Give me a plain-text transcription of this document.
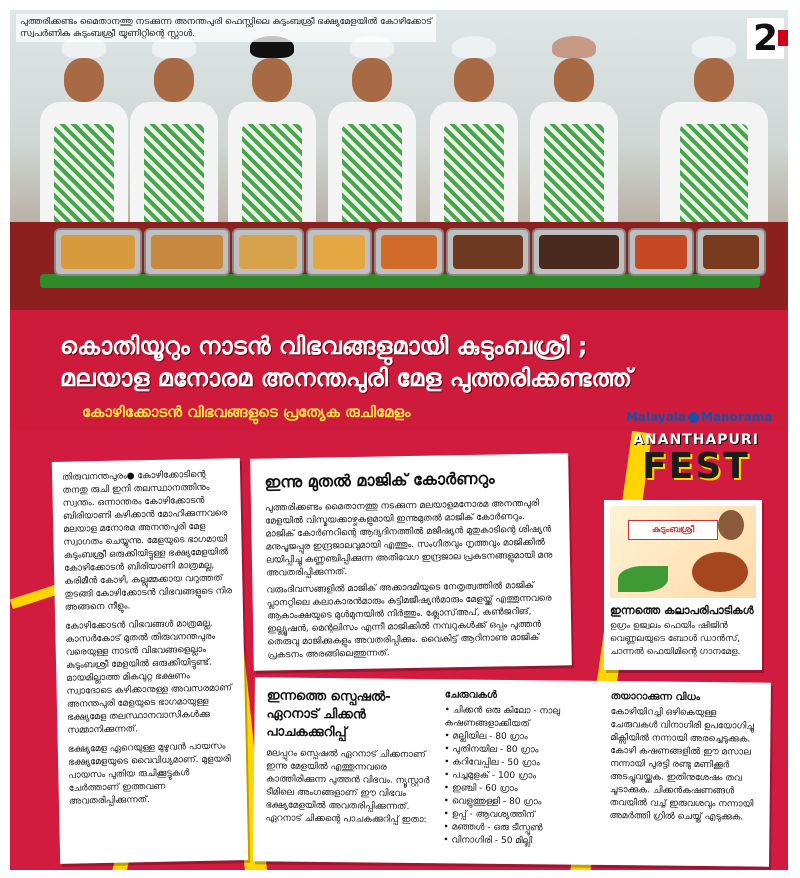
പുത്തരിക്കണ്ടം മൈതാനത്തു നടക്കുന്ന അനന്തപുരി ഫെസ്റ്റിലെ കുടുംബശ്രീ ഭക്ഷ്യമേളയിൽ കോഴിക്കോട് സ്വപർണിക കുടുംബശ്രീ യൂണിറ്റിന്റെ സ്റ്റാൾ.	2
കൊതിയൂറും നാടൻ വിഭവങ്ങളുമായി കുടുംബശ്രീ ;
മലയാള മനോരമ അനന്തപുരി മേള പുത്തരിക്കണ്ടത്ത്
കോഴിക്കോടൻ വിഭവങ്ങളുടെ പ്രത്യേക രുചിമേളം	Malayala Manorama
ANANTHAPURI
FEST

തിരുവനന്തപുരം● കോഴിക്കോടിന്റെ തനതു രുചി ഇനി തലസ്ഥാനത്തിനും സ്വന്തം. ഒന്നാന്തരം കോഴിക്കോടൻ ബിരിയാണി കഴിക്കാൻ മോഹിക്കുന്നവരെ മലയാള മനോരമ അനന്തപുരി മേള സ്വാഗതം ചെയ്യുന്നു. മേളയുടെ ഭാഗമായി കുടുംബശ്രീ ഒരുക്കിയിട്ടുള്ള ഭക്ഷ്യമേളയിൽ കോഴിക്കോടൻ ബിരിയാണി മാത്രമല്ല, കരിമീൻ കോഴി, കല്ലുമ്മക്കായ വറുത്തത് തുടങ്ങി കോഴിക്കോടൻ വിഭവങ്ങളുടെ നിര അങ്ങനെ നീളും.

കോഴിക്കോടൻ വിഭവങ്ങൾ മാത്രമല്ല, കാസർകോട് മുതൽ തിരുവനന്തപുരം വരെയുള്ള നാടൻ വിഭവങ്ങളെല്ലാം കുടുംബശ്രീ മേളയിൽ ഒരുക്കിയിട്ടുണ്ട്. മായമില്ലാത്ത മികവുറ്റ ഭക്ഷണം സ്വാദോടെ കഴിക്കാനുള്ള അവസരമാണ് അനന്തപുരി മേളയുടെ ഭാഗമായുള്ള ഭക്ഷ്യമേള തലസ്ഥാനവാസികൾക്കു സമ്മാനിക്കുന്നത്.

ഭക്ഷ്യമേള ഏറെയുള്ള മുഴുവൻ പായസം ഭക്ഷ്യമേളയുടെ വൈവിധ്യമാണ്. മുളയരി പായസം പുതിയ രുചിക്കൂട്ടുകൾ ചേർത്താണ് ഇത്തവണ അവതരിപ്പിക്കുന്നത്.

ഇന്നു മുതൽ മാജിക് കോർണറും

പുത്തരിക്കണ്ടം മൈതാനത്തു നടക്കുന്ന മലയാളമനോരമ അനന്തപുരി മേളയിൽ വിസ്മയക്കാഴ്ചകളുമായി ഇന്നുമുതൽ മാജിക് കോർണറും. മാജിക് കോർണറിന്റെ ആദ്യദിനത്തിൽ മജീഷ്യൻ മുതുകാടിന്റെ ശിഷ്യൻ മനുപൂജപ്പുര ഇന്ദ്രജാലവുമായി എത്തും. സംഗീതവും നൃത്തവും മാജിക്കിൽ ലയിപ്പിച്ചു കണ്ണഞ്ചിപ്പിക്കുന്ന അതിവേഗ ഇന്ദ്രജാല പ്രകടനങ്ങളുമായി മനു അവതരിപ്പിക്കുന്നത്.

വരുംദിവസങ്ങളിൽ മാജിക് അക്കാദമിയുടെ നേതൃത്വത്തിൽ മാജിക് പ്ലാനറ്റിലെ കലാകാരൻമാരും കുട്ടിമജീഷ്യൻമാരും മേളയ്ക്ക് എത്തുന്നവരെ ആകാംക്ഷയുടെ മുൾമുനയിൽ നിർത്തും. ക്ലോസ്അപ്, കൺജറിങ്, ഇല്ല്യൂഷൻ, മെന്റലിസം എന്നീ മാജിക്കിൽ നമ്പറുകൾക്ക് ഒപ്പം പുത്തൻ തെരുവു മാജിക്കുകളും അവതരിപ്പിക്കും. വൈകിട്ട് ആറിനാണു മാജിക് പ്രകടനം അരങ്ങിലെത്തുന്നത്.

കുടുംബശ്രീ
ഇന്നത്തെ കലാപരിപാടികൾ
ഉഗ്രം ഉജ്വലം ഫെയിം ഷിജിൻ വെണ്ണലയുടെ ബോൾ ഡാൻസ്, ചാന്നൽ ഫെയിമിന്റെ ഗാനമേള.
ഇന്നത്തെ സ്പെഷൽ- ഏറനാട് ചിക്കൻ പാചകക്കുറിപ്പ്
മലപ്പുറം സ്പെഷൽ ഏറനാട് ചിക്കനാണ് ഇന്നു മേളയിൽ എത്തുന്നവരെ കാത്തിരിക്കുന്ന പുത്തൻ വിഭവം. ന്യൂസ്റ്റാർ ടീമിലെ അംഗങ്ങളാണ് ഈ വിഭവം ഭക്ഷ്യമേളയിൽ അവതരിപ്പിക്കുന്നത്. ഏറനാട് ചിക്കന്റെ പാചകക്കുറിപ്പ് ഇതാ:
ചേരുവകൾ
• ചിക്കൻ ഒരു കിലോ - നാലു കഷണങ്ങളാക്കിയത്
• മല്ലിയില - 80 ഗ്രാം
• പുതിനയില - 80 ഗ്രാം
• കറിവേപ്പില - 50 ഗ്രാം
• പച്ചമുളക് - 100 ഗ്രാം
• ഇഞ്ചി - 60 ഗ്രാം
• വെളുത്തുള്ളി - 80 ഗ്രാം
• ഉപ്പ് - ആവശ്യത്തിന്
• മഞ്ഞൾ - ഒരു ടീസ്പൂൺ
• വിനാഗിരി - 50 മില്ലി
തയാറാക്കുന്ന വിധം
കോഴിയിറച്ചി ഒഴികെയുള്ള ചേരുവകൾ വിനാഗിരി ഉപയോഗിച്ചു മിക്സിയിൽ നന്നായി അരച്ചെടുക്കുക. കോഴി കഷണങ്ങളിൽ ഈ മസാല നന്നായി പുരട്ടി രണ്ടു മണിക്കൂർ അടച്ചുവയ്ക്കുക. ഇതിനുശേഷം തവ ചൂടാക്കുക. ചിക്കൻകഷണങ്ങൾ തവയിൽ വച്ച് ഇരുവശവും നന്നായി അമർത്തി ഗ്രിൽ ചെയ്ത് എടുക്കുക.
